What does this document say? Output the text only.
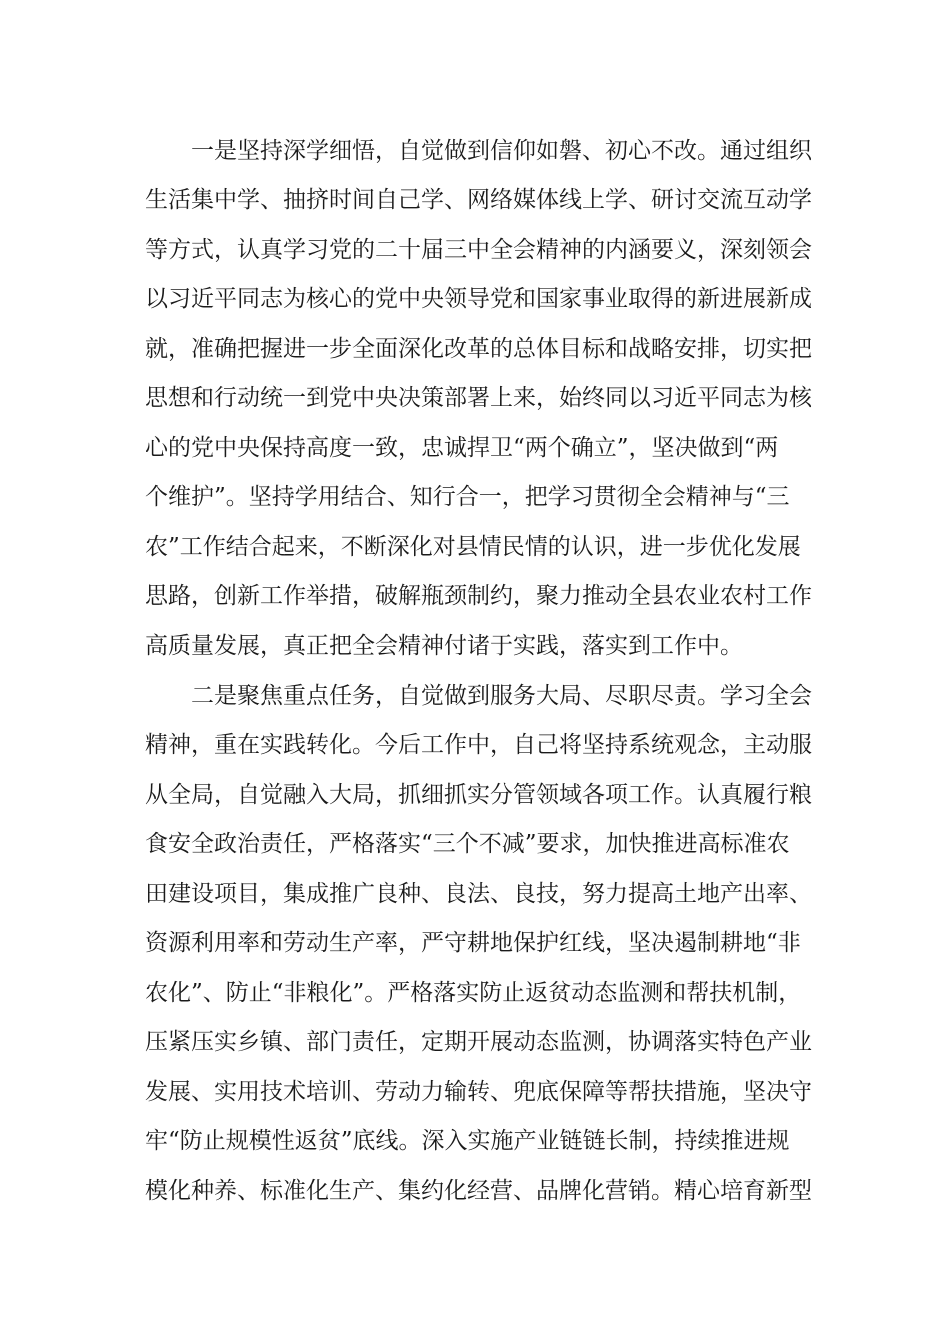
一是坚持深学细悟，自觉做到信仰如磐、初心不改。通过组织
生活集中学、抽挤时间自己学、网络媒体线上学、研讨交流互动学
等方式，认真学习党的二十届三中全会精神的内涵要义，深刻领会
以习近平同志为核心的党中央领导党和国家事业取得的新进展新成
就，准确把握进一步全面深化改革的总体目标和战略安排，切实把
思想和行动统一到党中央决策部署上来，始终同以习近平同志为核
心的党中央保持高度一致，忠诚捍卫“两个确立”，坚决做到“两
个维护”。坚持学用结合、知行合一，把学习贯彻全会精神与“三
农”工作结合起来，不断深化对县情民情的认识，进一步优化发展
思路，创新工作举措，破解瓶颈制约，聚力推动全县农业农村工作
高质量发展，真正把全会精神付诸于实践，落实到工作中。
二是聚焦重点任务，自觉做到服务大局、尽职尽责。学习全会
精神，重在实践转化。今后工作中，自己将坚持系统观念，主动服
从全局，自觉融入大局，抓细抓实分管领域各项工作。认真履行粮
食安全政治责任，严格落实“三个不减”要求，加快推进高标准农
田建设项目，集成推广良种、良法、良技，努力提高土地产出率、
资源利用率和劳动生产率，严守耕地保护红线，坚决遏制耕地“非
农化”、防止“非粮化”。严格落实防止返贫动态监测和帮扶机制，
压紧压实乡镇、部门责任，定期开展动态监测，协调落实特色产业
发展、实用技术培训、劳动力输转、兜底保障等帮扶措施，坚决守
牢“防止规模性返贫”底线。深入实施产业链链长制，持续推进规
模化种养、标准化生产、集约化经营、品牌化营销。精心培育新型
